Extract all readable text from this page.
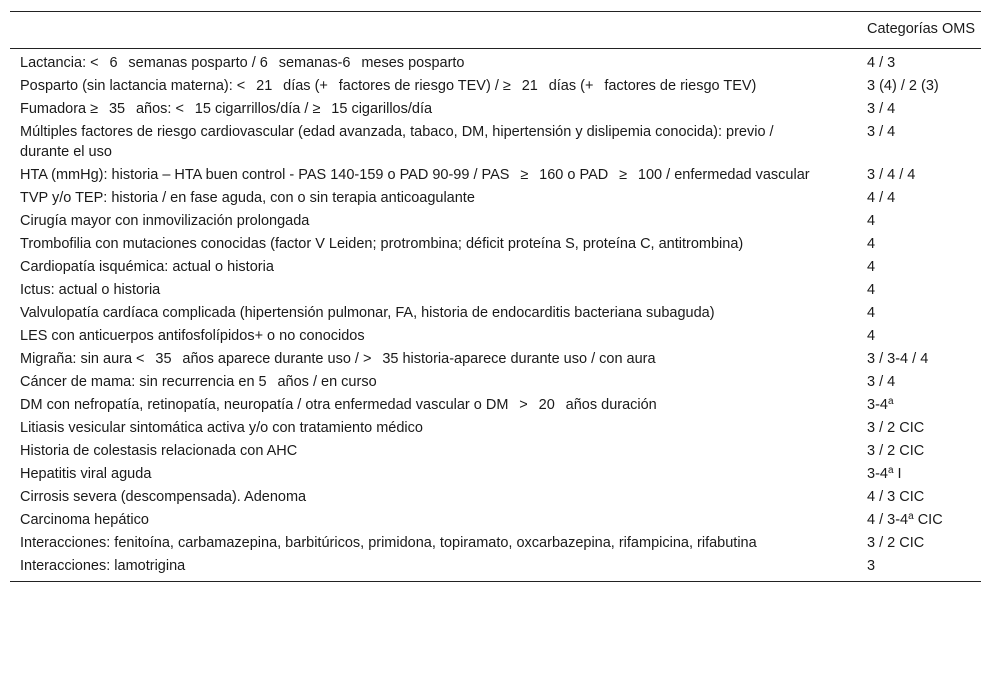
	Categorías OMS
Lactancia: <   6   semanas posparto / 6   semanas-6   meses posparto	4 / 3
Posparto (sin lactancia materna): <   21   días (+   factores de riesgo TEV) / ≥   21   días (+   factores de riesgo TEV)	3 (4) / 2 (3)
Fumadora ≥   35   años: <   15 cigarrillos/día / ≥   15 cigarillos/día	3 / 4
Múltiples factores de riesgo cardiovascular (edad avanzada, tabaco, DM, hipertensión y dislipemia conocida): previo / durante el uso	3 / 4
HTA (mmHg): historia – HTA buen control - PAS 140-159 o PAD 90-99 / PAS   ≥   160 o PAD   ≥   100 / enfermedad vascular	3 / 4 / 4
TVP y/o TEP: historia / en fase aguda, con o sin terapia anticoagulante	4 / 4
Cirugía mayor con inmovilización prolongada	4
Trombofilia con mutaciones conocidas (factor V Leiden; protrombina; déficit proteína S, proteína C, antitrombina)	4
Cardiopatía isquémica: actual o historia	4
Ictus: actual o historia	4
Valvulopatía cardíaca complicada (hipertensión pulmonar, FA, historia de endocarditis bacteriana subaguda)	4
LES con anticuerpos antifosfolípidos+ o no conocidos	4
Migraña: sin aura <   35   años aparece durante uso / >   35 historia-aparece durante uso / con aura	3 / 3-4 / 4
Cáncer de mama: sin recurrencia en 5   años / en curso	3 / 4
DM con nefropatía, retinopatía, neuropatía / otra enfermedad vascular o DM   >   20   años duración	3-4$^a$
Litiasis vesicular sintomática activa y/o con tratamiento médico	3 / 2 CIC
Historia de colestasis relacionada con AHC	3 / 2 CIC
Hepatitis viral aguda	3-4$^a$ I
Cirrosis severa (descompensada). Adenoma	4 / 3 CIC
Carcinoma hepático	4 / 3-4$^a$ CIC
Interacciones: fenitoína, carbamazepina, barbitúricos, primidona, topiramato, oxcarbazepina, rifampicina, rifabutina	3 / 2 CIC
Interacciones: lamotrigina	3
